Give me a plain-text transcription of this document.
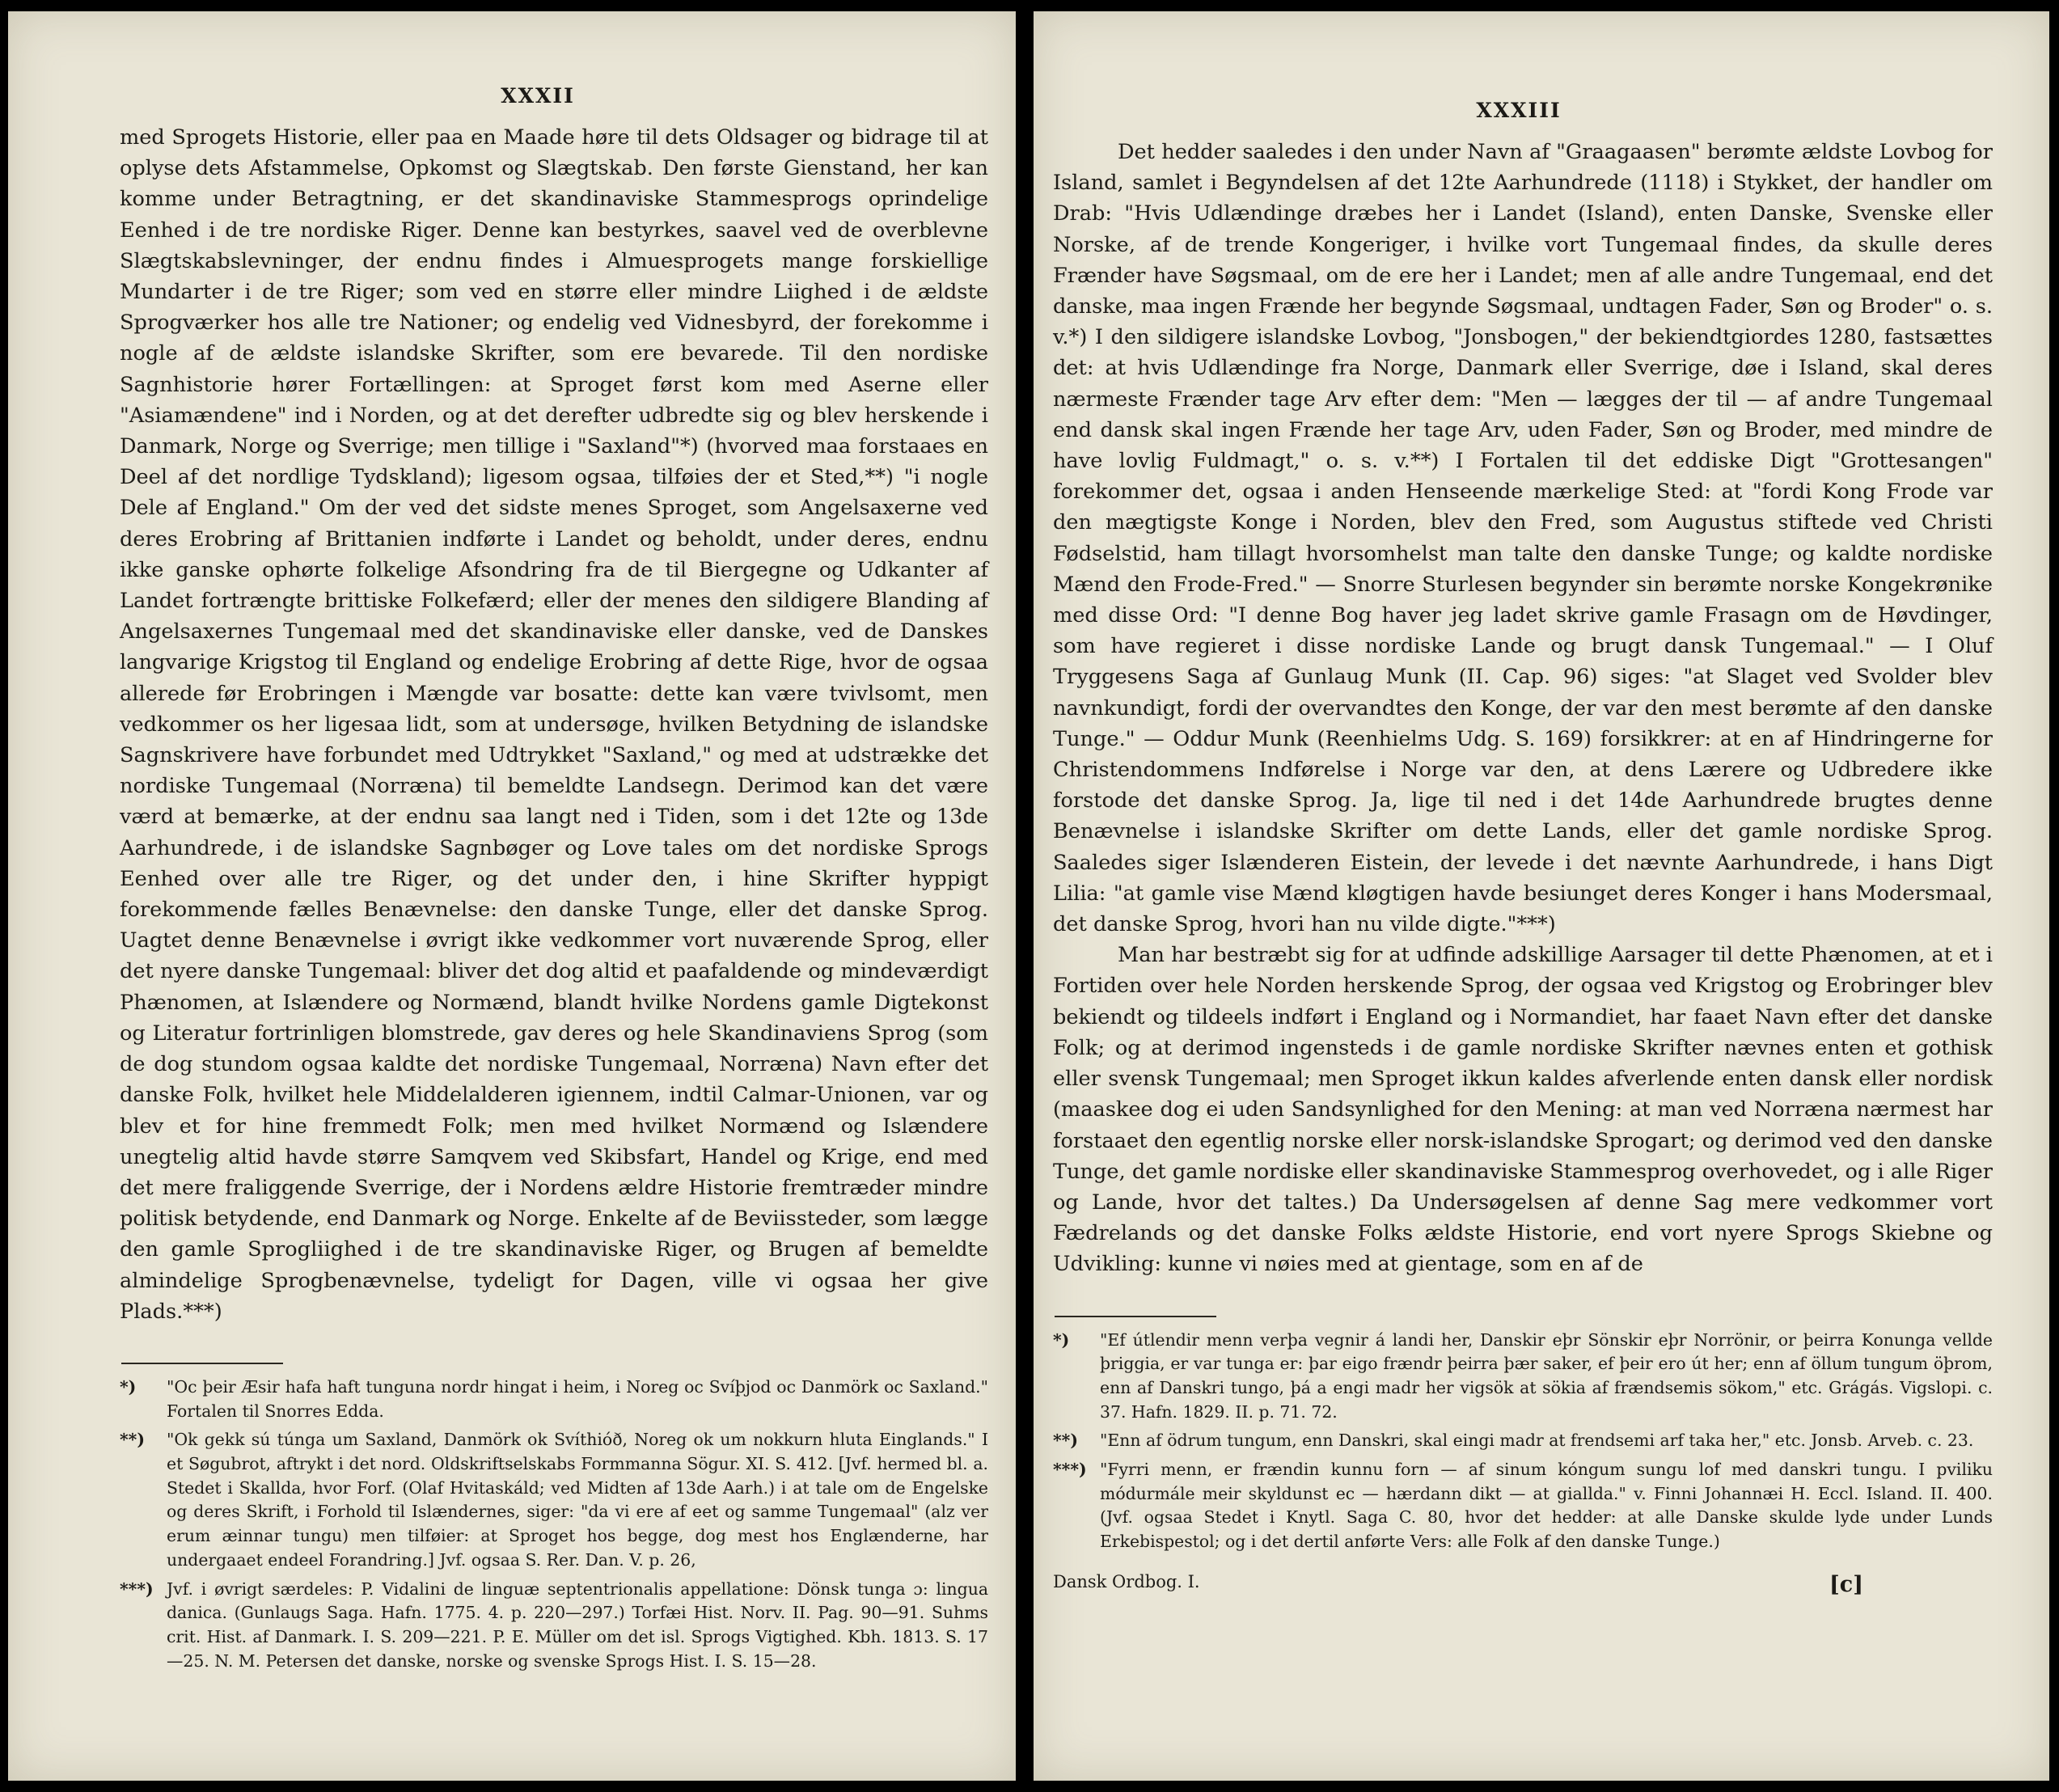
XXXII

med Sprogets Historie, eller paa en Maade høre til dets Oldsager og bidrage til at oplyse dets Afstammelse, Opkomst og Slægtskab. Den første Gienstand, her kan komme under Betragtning, er det skandinaviske Stammesprogs oprindelige Eenhed i de tre nordiske Riger. Denne kan bestyrkes, saavel ved de overblevne Slægtskabslevninger, der endnu findes i Almuesprogets mange forskiellige Mundarter i de tre Riger; som ved en større eller mindre Liighed i de ældste Sprogværker hos alle tre Nationer; og endelig ved Vidnesbyrd, der forekomme i nogle af de ældste islandske Skrifter, som ere bevarede. Til den nordiske Sagnhistorie hører Fortællingen: at Sproget først kom med Aserne eller "Asiamændene" ind i Norden, og at det derefter udbredte sig og blev herskende i Danmark, Norge og Sverrige; men tillige i "Saxland"*) (hvorved maa forstaaes en Deel af det nordlige Tydskland); ligesom ogsaa, tilføies der et Sted,**) "i nogle Dele af England." Om der ved det sidste menes Sproget, som Angelsaxerne ved deres Erobring af Brittanien indførte i Landet og beholdt, under deres, endnu ikke ganske ophørte folkelige Afsondring fra de til Biergegne og Udkanter af Landet fortrængte brittiske Folkefærd; eller der menes den sildigere Blanding af Angelsaxernes Tungemaal med det skandinaviske eller danske, ved de Danskes langvarige Krigstog til England og endelige Erobring af dette Rige, hvor de ogsaa allerede før Erobringen i Mængde var bosatte: dette kan være tvivlsomt, men vedkommer os her ligesaa lidt, som at undersøge, hvilken Betydning de islandske Sagnskrivere have forbundet med Udtrykket "Saxland," og med at udstrække det nordiske Tungemaal (Norræna) til bemeldte Landsegn. Derimod kan det være værd at bemærke, at der endnu saa langt ned i Tiden, som i det 12te og 13de Aarhundrede, i de islandske Sagnbøger og Love tales om det nordiske Sprogs Eenhed over alle tre Riger, og det under den, i hine Skrifter hyppigt forekommende fælles Benævnelse: den danske Tunge, eller det danske Sprog. Uagtet denne Benævnelse i øvrigt ikke vedkommer vort nuværende Sprog, eller det nyere danske Tungemaal: bliver det dog altid et paafaldende og mindeværdigt Phænomen, at Islændere og Normænd, blandt hvilke Nordens gamle Digtekonst og Literatur fortrinligen blomstrede, gav deres og hele Skandinaviens Sprog (som de dog stundom ogsaa kaldte det nordiske Tungemaal, Norræna) Navn efter det danske Folk, hvilket hele Middelalderen igiennem, indtil Calmar-Unionen, var og blev et for hine fremmedt Folk; men med hvilket Normænd og Islændere unegtelig altid havde større Samqvem ved Skibsfart, Handel og Krige, end med det mere fraliggende Sverrige, der i Nordens ældre Historie fremtræder mindre politisk betydende, end Danmark og Norge. Enkelte af de Beviissteder, som lægge den gamle Sprogliighed i de tre skandinaviske Riger, og Brugen af bemeldte almindelige Sprogbenævnelse, tydeligt for Dagen, ville vi ogsaa her give Plads.***)

*)	"Oc þeir Æsir hafa haft tunguna nordr hingat i heim, i Noreg oc Svíþjod oc Danmörk oc Saxland." Fortalen til Snorres Edda.
**)	"Ok gekk sú túnga um Saxland, Danmörk ok Svíthióð, Noreg ok um nokkurn hluta Einglands." I et Søgubrot, aftrykt i det nord. Oldskriftselskabs Formmanna Sögur. XI. S. 412. [Jvf. hermed bl. a. Stedet i Skallda, hvor Forf. (Olaf Hvitaskáld; ved Midten af 13de Aarh.) i at tale om de Engelske og deres Skrift, i Forhold til Islændernes, siger: "da vi ere af eet og samme Tungemaal" (alz ver erum æinnar tungu) men tilføier: at Sproget hos begge, dog mest hos Englænderne, har undergaaet endeel Forandring.] Jvf. ogsaa S. Rer. Dan. V. p. 26,
***) Jvf. i øvrigt særdeles: P. Vidalini de linguæ septentrionalis appellatione: Dönsk tunga ɔ: lingua danica. (Gunlaugs Saga. Hafn. 1775. 4. p. 220—297.) Torfæi Hist. Norv. II. Pag. 90—91. Suhms crit. Hist. af Danmark. I. S. 209—221. P. E. Müller om det isl. Sprogs Vigtighed. Kbh. 1813. S. 17—25. N. M. Petersen det danske, norske og svenske Sprogs Hist. I. S. 15—28.
XXXIII

Det hedder saaledes i den under Navn af "Graagaasen" berømte ældste Lovbog for Island, samlet i Begyndelsen af det 12te Aarhundrede (1118) i Stykket, der handler om Drab: "Hvis Udlændinge dræbes her i Landet (Island), enten Danske, Svenske eller Norske, af de trende Kongeriger, i hvilke vort Tungemaal findes, da skulle deres Frænder have Søgsmaal, om de ere her i Landet; men af alle andre Tungemaal, end det danske, maa ingen Frænde her begynde Søgsmaal, undtagen Fader, Søn og Broder" o. s. v.*) I den sildigere islandske Lovbog, "Jonsbogen," der bekiendtgiordes 1280, fastsættes det: at hvis Udlændinge fra Norge, Danmark eller Sverrige, døe i Island, skal deres nærmeste Frænder tage Arv efter dem: "Men — lægges der til — af andre Tungemaal end dansk skal ingen Frænde her tage Arv, uden Fader, Søn og Broder, med mindre de have lovlig Fuldmagt," o. s. v.**) I Fortalen til det eddiske Digt "Grottesangen" forekommer det, ogsaa i anden Henseende mærkelige Sted: at "fordi Kong Frode var den mægtigste Konge i Norden, blev den Fred, som Augustus stiftede ved Christi Fødselstid, ham tillagt hvorsomhelst man talte den danske Tunge; og kaldte nordiske Mænd den Frode-Fred." — Snorre Sturlesen begynder sin berømte norske Kongekrønike med disse Ord: "I denne Bog haver jeg ladet skrive gamle Frasagn om de Høvdinger, som have regieret i disse nordiske Lande og brugt dansk Tungemaal." — I Oluf Tryggesens Saga af Gunlaug Munk (II. Cap. 96) siges: "at Slaget ved Svolder blev navnkundigt, fordi der overvandtes den Konge, der var den mest berømte af den danske Tunge." — Oddur Munk (Reenhielms Udg. S. 169) forsikkrer: at en af Hindringerne for Christendommens Indførelse i Norge var den, at dens Lærere og Udbredere ikke forstode det danske Sprog. Ja, lige til ned i det 14de Aarhundrede brugtes denne Benævnelse i islandske Skrifter om dette Lands, eller det gamle nordiske Sprog. Saaledes siger Islænderen Eistein, der levede i det nævnte Aarhundrede, i hans Digt Lilia: "at gamle vise Mænd kløgtigen havde besiunget deres Konger i hans Modersmaal, det danske Sprog, hvori han nu vilde digte."***)

Man har bestræbt sig for at udfinde adskillige Aarsager til dette Phænomen, at et i Fortiden over hele Norden herskende Sprog, der ogsaa ved Krigstog og Erobringer blev bekiendt og tildeels indført i England og i Normandiet, har faaet Navn efter det danske Folk; og at derimod ingensteds i de gamle nordiske Skrifter nævnes enten et gothisk eller svensk Tungemaal; men Sproget ikkun kaldes afverlende enten dansk eller nordisk (maaskee dog ei uden Sandsynlighed for den Mening: at man ved Norræna nærmest har forstaaet den egentlig norske eller norsk-islandske Sprogart; og derimod ved den danske Tunge, det gamle nordiske eller skandinaviske Stammesprog overhovedet, og i alle Riger og Lande, hvor det taltes.) Da Undersøgelsen af denne Sag mere vedkommer vort Fædrelands og det danske Folks ældste Historie, end vort nyere Sprogs Skiebne og Udvikling: kunne vi nøies med at gientage, som en af de

*)	"Ef útlendir menn verþa vegnir á landi her, Danskir eþr Sönskir eþr Norrönir, or þeirra Konunga vellde þriggia, er var tunga er: þar eigo frændr þeirra þær saker, ef þeir ero út her; enn af öllum tungum öþrom, enn af Danskri tungo, þá a engi madr her vigsök at sökia af frændsemis sökom," etc. Grágás. Vigslopi. c. 37. Hafn. 1829. II. p. 71. 72.
**)	"Enn af ödrum tungum, enn Danskri, skal eingi madr at frendsemi arf taka her," etc. Jonsb. Arveb. c. 23.
***) "Fyrri menn, er frændin kunnu forn — af sinum kóngum sungu lof med danskri tungu. I pviliku módurmále meir skyldunst ec — hærdann dikt — at giallda." v. Finni Johannæi H. Eccl. Island. II. 400. (Jvf. ogsaa Stedet i Knytl. Saga C. 80, hvor det hedder: at alle Danske skulde lyde under Lunds Erkebispestol; og i det dertil anførte Vers: alle Folk af den danske Tunge.)
Dansk Ordbog. I.	[c]
